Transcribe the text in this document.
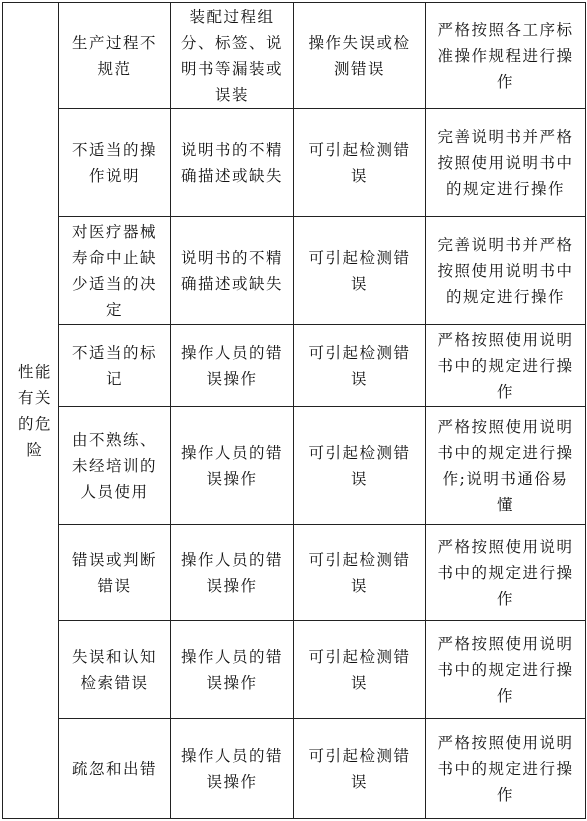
性能有关的危险	生产过程不规范	装配过程组分、标签、说明书等漏装或误装	操作失误或检测错误	严格按照各工序标准操作规程进行操作
	不适当的操作说明	说明书的不精确描述或缺失	可引起检测错误	完善说明书并严格按照使用说明书中的规定进行操作
	对医疗器械寿命中止缺少适当的决定	说明书的不精确描述或缺失	可引起检测错误	完善说明书并严格按照使用说明书中的规定进行操作
	不适当的标记	操作人员的错误操作	可引起检测错误	严格按照使用说明书中的规定进行操作
	由不熟练、未经培训的人员使用	操作人员的错误操作	可引起检测错误	严格按照使用说明书中的规定进行操作;说明书通俗易懂
	错误或判断错误	操作人员的错误操作	可引起检测错误	严格按照使用说明书中的规定进行操作
	失误和认知检索错误	操作人员的错误操作	可引起检测错误	严格按照使用说明书中的规定进行操作
	疏忽和出错	操作人员的错误操作	可引起检测错误	严格按照使用说明书中的规定进行操作
